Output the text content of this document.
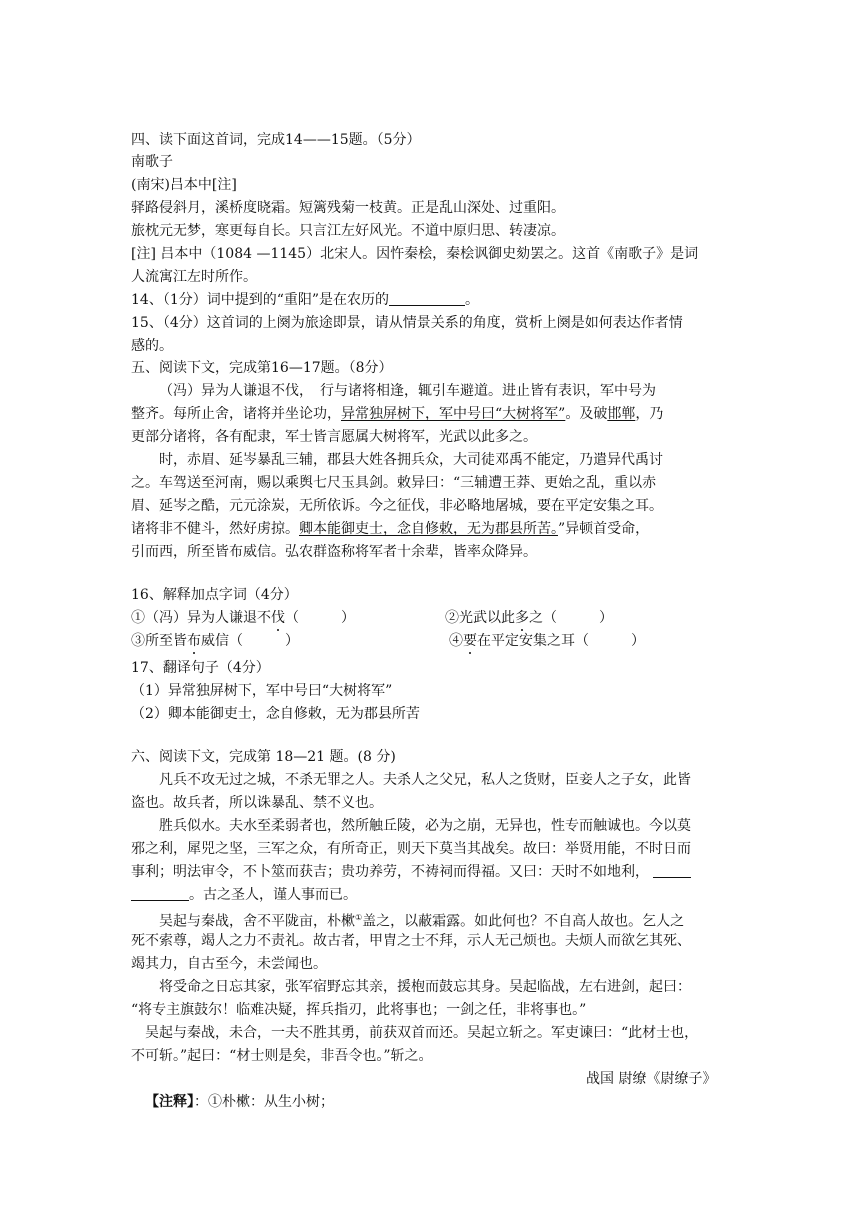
四、读下面这首词，完成14——15题。（5分）
南歌子
(南宋)吕本中[注]
驿路侵斜月，溪桥度晓霜。短篱残菊一枝黄。正是乱山深处、过重阳。
旅枕元无梦，寒更每自长。只言江左好风光。不道中原归思、转凄凉。
[注] 吕本中（1084 —1145）北宋人。因忤秦桧，秦桧讽御史劾罢之。这首《南歌子》是词
人流寓江左时所作。
14、（1分）词中提到的“重阳”是在农历的	。
15、（4分）这首词的上阕为旅途即景，请从情景关系的角度，赏析上阕是如何表达作者情
感的。
五、阅读下文，完成第16—17题。（8分）
（冯）异为人谦退不伐，　行与诸将相逢，辄引车避道。进止皆有表识，军中号为
整齐。每所止舍，诸将并坐论功，异常独屏树下，军中号曰“大树将军”。及破邯郸，乃
更部分诸将，各有配隶，军士皆言愿属大树将军，光武以此多之。
时，赤眉、延岑暴乱三辅，郡县大姓各拥兵众，大司徒邓禹不能定，乃遣异代禹讨
之。车驾送至河南，赐以乘舆七尺玉具剑。敕异曰：“三辅遭王莽、更始之乱，重以赤
眉、延岑之酷，元元涂炭，无所依诉。今之征伐，非必略地屠城，要在平定安集之耳。
诸将非不健斗，然好虏掠。卿本能御吏士，念自修敕，无为郡县所苦。”异顿首受命，
引而西，所至皆布威信。弘农群盗称将军者十余辈，皆率众降异。
16、解释加点字词（4分）
①（冯）异为人谦退不伐（　　　）	②光武以此多之（　　　）
③所至皆布威信（　　　）	④要在平定安集之耳（　　　）
17、翻译句子（4分）
（1）异常独屏树下，军中号曰“大树将军”
（2）卿本能御吏士，念自修敕，无为郡县所苦
六、阅读下文，完成第 18—21 题。(8 分)
凡兵不攻无过之城，不杀无罪之人。夫杀人之父兄，私人之货财，臣妾人之子女，此皆
盗也。故兵者，所以诛暴乱、禁不义也。
胜兵似水。夫水至柔弱者也，然所触丘陵，必为之崩，无异也，性专而触诚也。今以莫
邪之利，犀兕之坚，三军之众，有所奇正，则天下莫当其战矣。故曰：举贤用能，不时日而
事利；明法审令，不卜筮而获吉；贵功养劳，不祷祠而得福。又曰：天时不如地利，
。古之圣人，谨人事而已。
吴起与秦战，舍不平陇亩，朴樕①盖之，以蔽霜露。如此何也？不自高人故也。乞人之
死不索尊，竭人之力不责礼。故古者，甲胄之士不拜，示人无己烦也。夫烦人而欲乞其死、
竭其力，自古至今，未尝闻也。
将受命之日忘其家，张军宿野忘其亲，援枹而鼓忘其身。吴起临战，左右进剑，起曰：
“将专主旗鼓尔！临难决疑，挥兵指刃，此将事也；一剑之任，非将事也。”
吴起与秦战，未合，一夫不胜其勇，前获双首而还。吴起立斩之。军吏谏曰：“此材士也，
不可斩。”起曰：“材士则是矣，非吾令也。”斩之。
战国 尉缭《尉缭子》
【注释】：①朴樕：从生小树；
